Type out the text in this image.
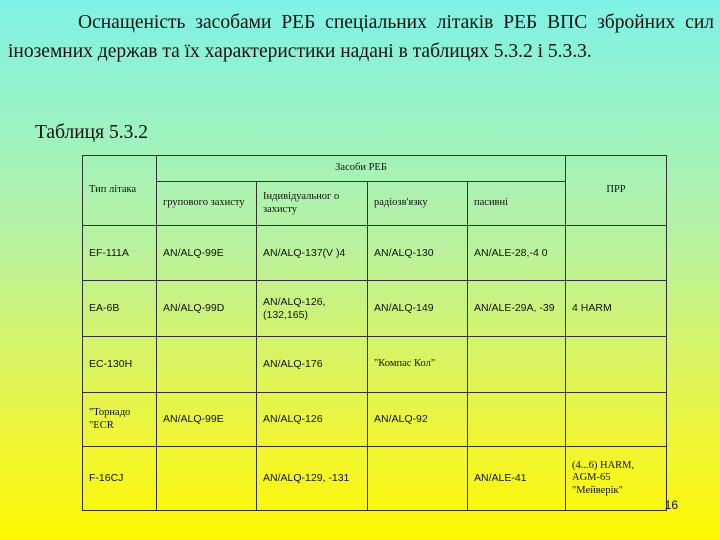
Оснащеність засобами РЕБ спеціальних літаків РЕБ ВПС збройних сил іноземних держав та їх характеристики надані в таблицях 5.3.2 і 5.3.3.

Таблиця 5.3.2

Тип літака	Засоби РЕБ				ПРР
	групового захисту	Індивідуальног о захисту	радіозв'язку	пасивні	
EF-111A	AN/ALQ-99E	AN/ALQ-137(V )4	AN/ALQ-130	AN/ALE-28,-4 0	
EA-6B	AN/ALQ-99D	AN/ALQ-126, (132,165)	AN/ALQ-149	AN/ALE-29A, -39	4 HARM
EC-130H		AN/ALQ-176	"Компас Кол"		
"Торнадо "ECR	AN/ALQ-99E	AN/ALQ-126	AN/ALQ-92		
F-16CJ		AN/ALQ-129, -131		AN/ALE-41	(4...6) HARM, AGM-65 "Мейверік"
16
